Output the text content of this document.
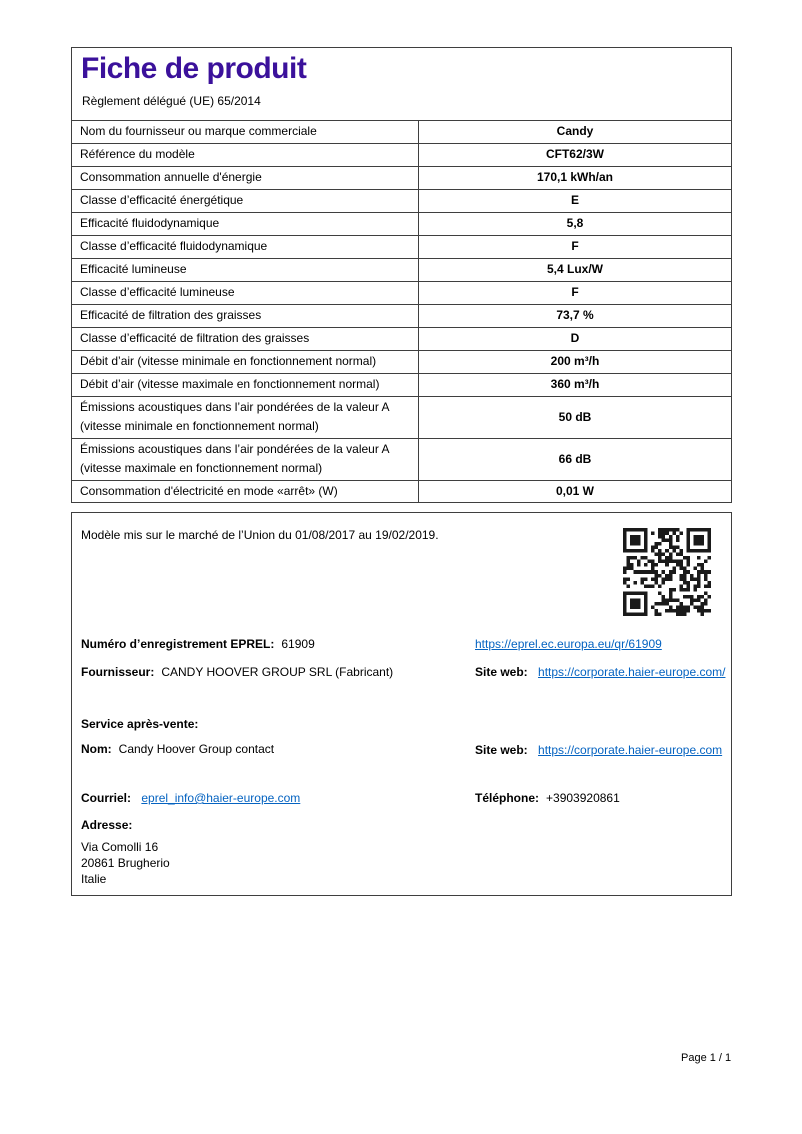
Fiche de produit
Règlement délégué (UE) 65/2014
Nom du fournisseur ou marque commerciale	Candy
Référence du modèle	CFT62/3W
Consommation annuelle d'énergie	170,1 kWh/an
Classe d’efficacité énergétique	E
Efficacité fluidodynamique	5,8
Classe d’efficacité fluidodynamique	F
Efficacité lumineuse	5,4 Lux/W
Classe d’efficacité lumineuse	F
Efficacité de filtration des graisses	73,7 %
Classe d’efficacité de filtration des graisses	D
Débit d’air (vitesse minimale en fonctionnement normal)	200 m³/h
Débit d’air (vitesse maximale en fonctionnement normal)	360 m³/h
Émissions acoustiques dans l’air pondérées de la valeur A (vitesse minimale en fonctionnement normal)	50 dB
Émissions acoustiques dans l’air pondérées de la valeur A (vitesse maximale en fonctionnement normal)	66 dB
Consommation d'électricité en mode «arrêt» (W)	0,01 W
Modèle mis sur le marché de l’Union du 01/08/2017 au 19/02/2019.
Numéro d’enregistrement EPREL: 61909	https://eprel.ec.europa.eu/qr/61909
Fournisseur: CANDY HOOVER GROUP SRL (Fabricant)	Site web: https://corporate.haier-europe.com/
Service après-vente:
Nom: Candy Hoover Group contact	Site web: https://corporate.haier-europe.com
Courriel: eprel_info@haier-europe.com	Téléphone: +3903920861
Adresse:
Via Comolli 16
20861 Brugherio
Italie
Page 1 / 1
